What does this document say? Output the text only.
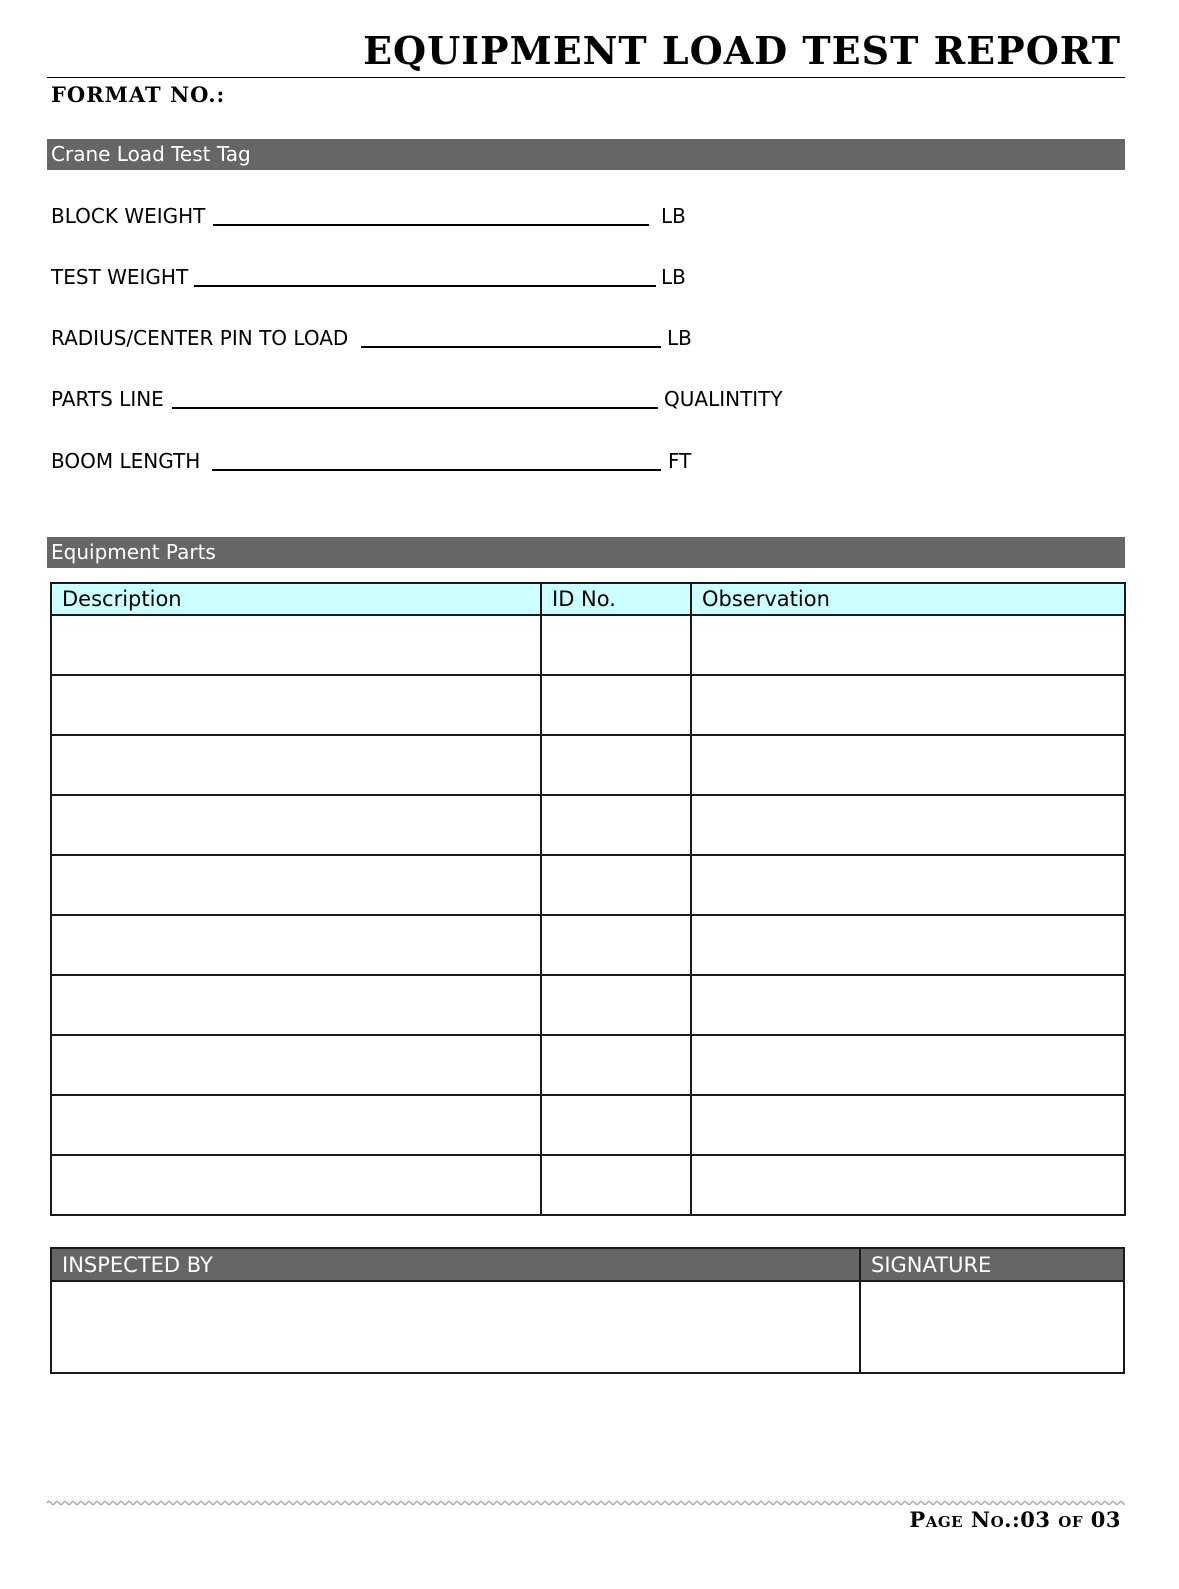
EQUIPMENT LOAD TEST REPORT
FORMAT NO.:
Crane Load Test Tag
BLOCK WEIGHT	LB
TEST WEIGHT	LB
RADIUS/CENTER PIN TO LOAD	LB
PARTS LINE	QUALINTITY
BOOM LENGTH	FT
Equipment Parts
Description	ID No.	Observation

INSPECTED BY	SIGNATURE

Page No.:03 of 03
